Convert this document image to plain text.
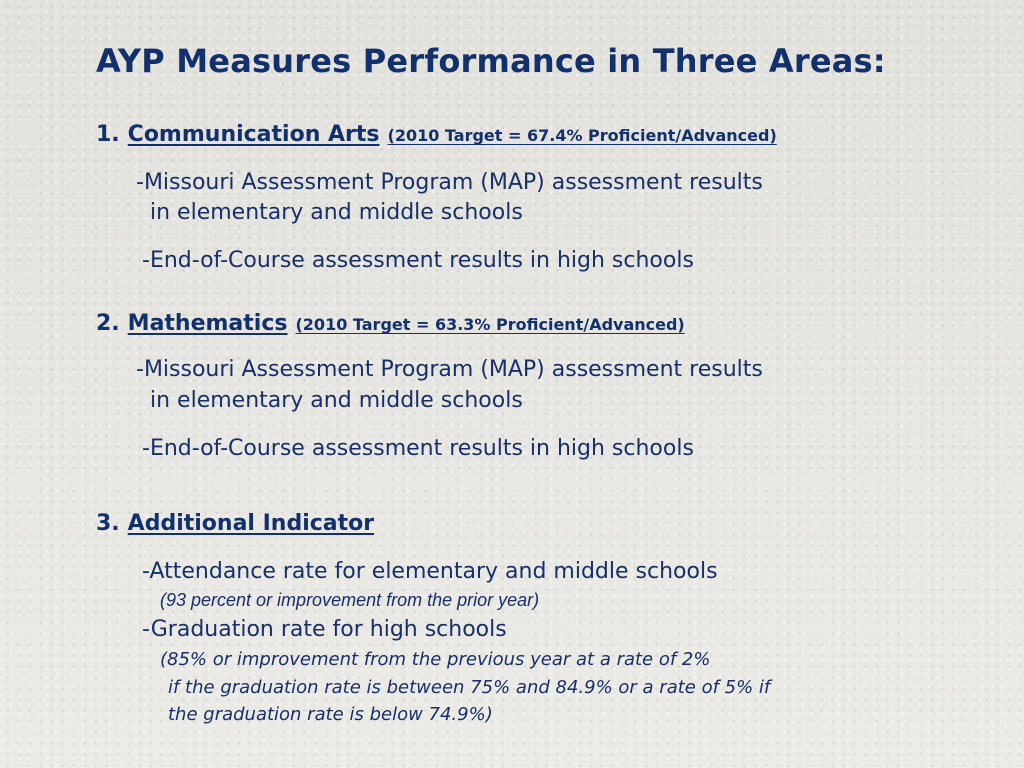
AYP Measures Performance in Three Areas:
1. Communication Arts (2010 Target = 67.4% Proficient/Advanced)
-Missouri Assessment Program (MAP) assessment results
in elementary and middle schools
-End-of-Course assessment results in high schools
2. Mathematics (2010 Target = 63.3% Proficient/Advanced)
-Missouri Assessment Program (MAP) assessment results
in elementary and middle schools
-End-of-Course assessment results in high schools
3. Additional Indicator
-Attendance rate for elementary and middle schools
(93 percent or improvement from the prior year)
-Graduation rate for high schools
(85% or improvement from the previous year at a rate of 2%
if the graduation rate is between 75% and 84.9% or a rate of 5% if
the graduation rate is below 74.9%)
